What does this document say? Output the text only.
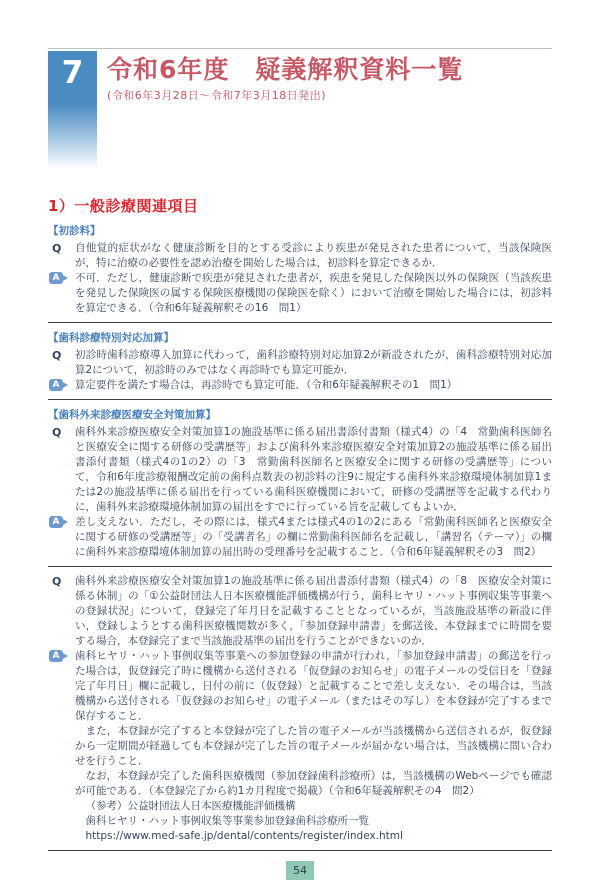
7 令和6年度　疑義解釈資料一覧
(令和6年3月28日～令和7年3月18日発出)
1）一般診療関連項目
【初診料】
Q	自他覚的症状がなく健康診断を目的とする受診により疾患が発見された患者について，当該保険医が，特に治療の必要性を認め治療を開始した場合は，初診料を算定できるか．
A	不可．ただし，健康診断で疾患が発見された患者が，疾患を発見した保険医以外の保険医（当該疾患を発見した保険医の属する保険医療機関の保険医を除く）において治療を開始した場合には，初診料を算定できる．（令和6年疑義解釈その16　問1）

【歯科診療特別対応加算】
Q	初診時歯科診療導入加算に代わって，歯科診療特別対応加算2が新設されたが，歯科診療特別対応加算2について，初診時のみではなく再診時でも算定可能か．
A	算定要件を満たす場合は，再診時でも算定可能．（令和6年疑義解釈その1　問1）

【歯科外来診療医療安全対策加算】
Q	歯科外来診療医療安全対策加算1の施設基準に係る届出書添付書類（様式4）の「4　常勤歯科医師名と医療安全に関する研修の受講歴等」および歯科外来診療医療安全対策加算2の施設基準に係る届出書添付書類（様式4の1の2）の「3　常勤歯科医師名と医療安全に関する研修の受講歴等」について，令和6年度診療報酬改定前の歯科点数表の初診料の注9に規定する歯科外来診療環境体制加算1または2の施設基準に係る届出を行っている歯科医療機関において，研修の受講歴等を記載する代わりに，歯科外来診療環境体制加算の届出をすでに行っている旨を記載してもよいか．
A	差し支えない．ただし，その際には，様式4または様式4の1の2にある「常勤歯科医師名と医療安全に関する研修の受講歴等」の「受講者名」の欄に常勤歯科医師名を記載し，「講習名（テーマ）」の欄に歯科外来診療環境体制加算の届出時の受理番号を記載すること．（令和6年疑義解釈その3　問2）

Q	歯科外来診療医療安全対策加算1の施設基準に係る届出書添付書類（様式4）の「8　医療安全対策に係る体制」の「①公益財団法人日本医療機能評価機構が行う，歯科ヒヤリ・ハット事例収集等事業への登録状況」について，登録完了年月日を記載することとなっているが，当該施設基準の新設に伴い，登録しようとする歯科医療機関数が多く，「参加登録申請書」を郵送後，本登録までに時間を要する場合，本登録完了まで当該施設基準の届出を行うことができないのか．
A	歯科ヒヤリ・ハット事例収集等事業への参加登録の申請が行われ，「参加登録申請書」の郵送を行った場合は，仮登録完了時に機構から送付される「仮登録のお知らせ」の電子メールの受信日を「登録完了年月日」欄に記載し，日付の前に（仮登録）と記載することで差し支えない．その場合は，当該機構から送付される「仮登録のお知らせ」の電子メール（またはその写し）を本登録が完了するまで保存すること．

また，本登録が完了すると本登録が完了した旨の電子メールが当該機構から送信されるが，仮登録から一定期間が経過しても本登録が完了した旨の電子メールが届かない場合は，当該機構に問い合わせを行うこと．

なお，本登録が完了した歯科医療機関（参加登録歯科診療所）は，当該機構のWebページでも確認が可能である．（本登録完了から約1カ月程度で掲載）（令和6年疑義解釈その4　問2）

（参考）公益財団法人日本医療機能評価機構

歯科ヒヤリ・ハット事例収集等事業参加登録歯科診療所一覧

https://www.med-safe.jp/dental/contents/register/index.html

54
